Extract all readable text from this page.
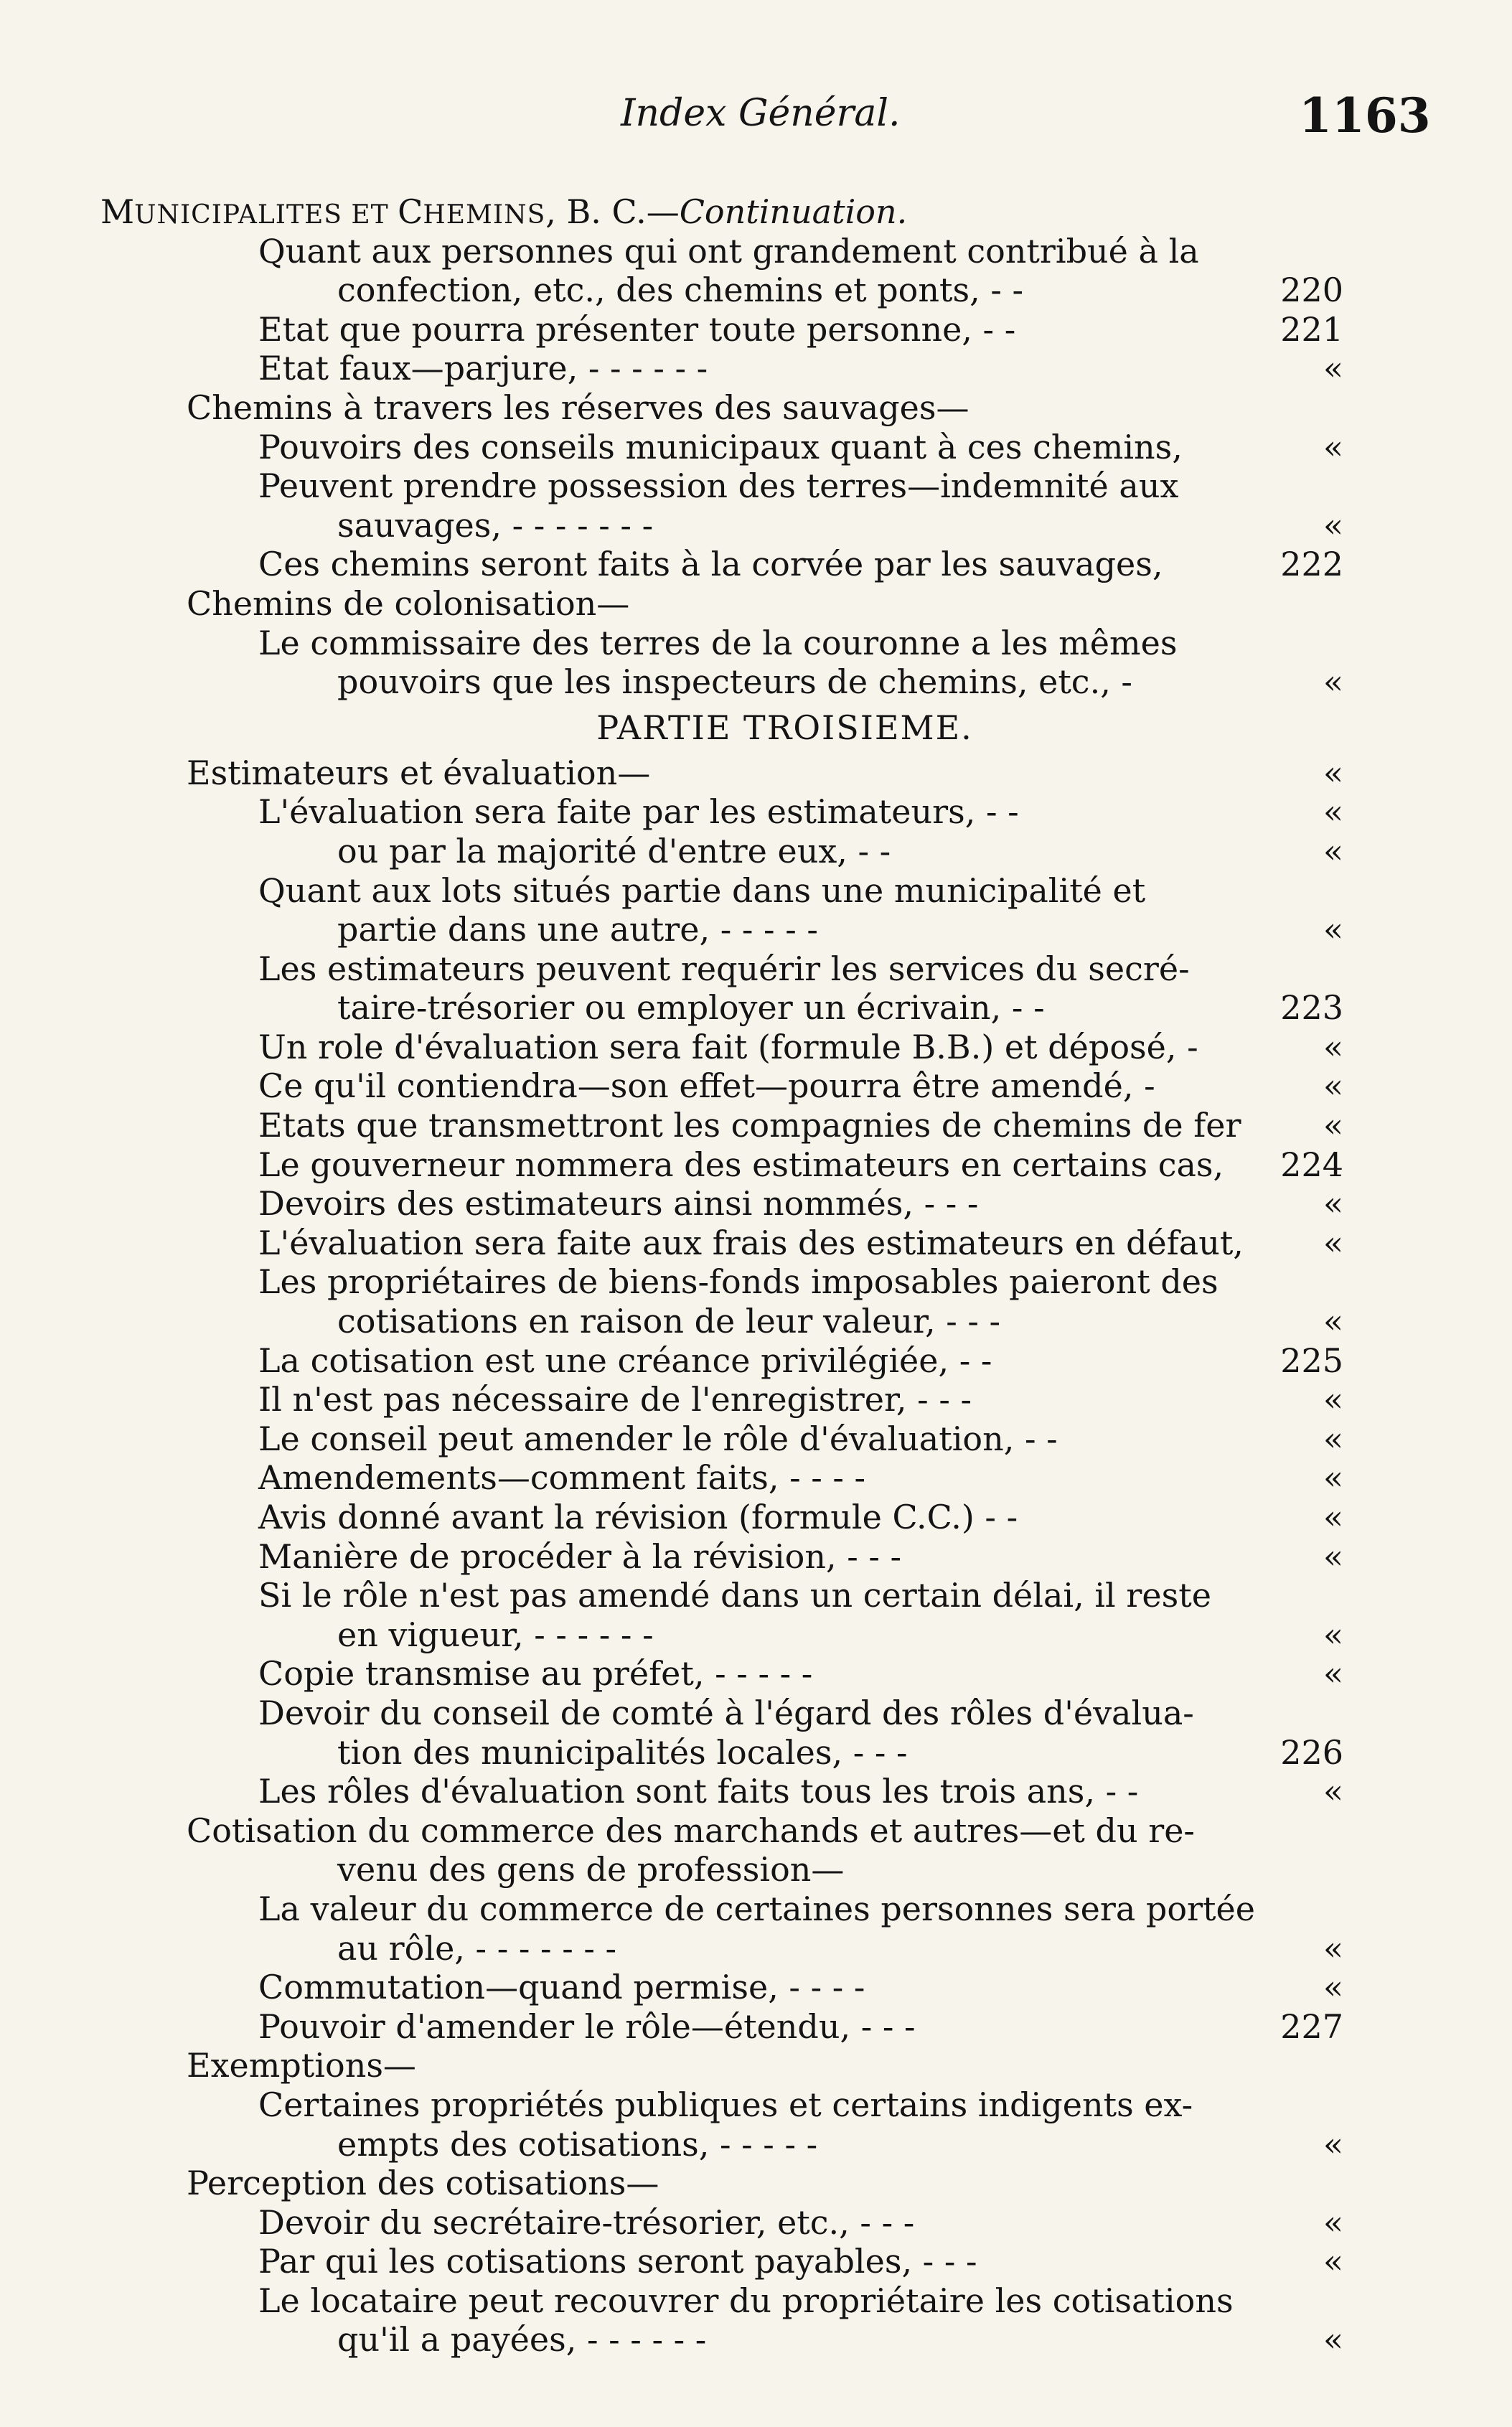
Index Général.	1163
MUNICIPALITES ET CHEMINS, B. C.—Continuation.
Quant aux personnes qui ont grandement contribué à la
confection, etc., des chemins et ponts, - -	220
Etat que pourra présenter toute personne, - -	221
Etat faux—parjure, - - - - - -	«
Chemins à travers les réserves des sauvages—
Pouvoirs des conseils municipaux quant à ces chemins,	«
Peuvent prendre possession des terres—indemnité aux
sauvages, - - - - - - -	«
Ces chemins seront faits à la corvée par les sauvages,	222
Chemins de colonisation—
Le commissaire des terres de la couronne a les mêmes
pouvoirs que les inspecteurs de chemins, etc., -	«
PARTIE TROISIEME.
Estimateurs et évaluation—	«
L'évaluation sera faite par les estimateurs, - -	«
ou par la majorité d'entre eux, - -	«
Quant aux lots situés partie dans une municipalité et
partie dans une autre, - - - - -	«
Les estimateurs peuvent requérir les services du secré-
taire-trésorier ou employer un écrivain, - -	223
Un role d'évaluation sera fait (formule B.B.) et déposé, -	«
Ce qu'il contiendra—son effet—pourra être amendé, -	«
Etats que transmettront les compagnies de chemins de fer	«
Le gouverneur nommera des estimateurs en certains cas, 224
Devoirs des estimateurs ainsi nommés, - - -	«
L'évaluation sera faite aux frais des estimateurs en défaut,	«
Les propriétaires de biens-fonds imposables paieront des
cotisations en raison de leur valeur, - - -	«
La cotisation est une créance privilégiée, - -	225
Il n'est pas nécessaire de l'enregistrer, - - -	«
Le conseil peut amender le rôle d'évaluation, - -	«
Amendements—comment faits, - - - -	«
Avis donné avant la révision (formule C.C.) - -	«
Manière de procéder à la révision, - - -	«
Si le rôle n'est pas amendé dans un certain délai, il reste
en vigueur, - - - - - -	«
Copie transmise au préfet, - - - - -	«
Devoir du conseil de comté à l'égard des rôles d'évalua-
tion des municipalités locales, - - -	226
Les rôles d'évaluation sont faits tous les trois ans, - -	«
Cotisation du commerce des marchands et autres—et du re-
venu des gens de profession—
La valeur du commerce de certaines personnes sera portée
au rôle, - - - - - - -	«
Commutation—quand permise, - - - -	«
Pouvoir d'amender le rôle—étendu, - - -	227
Exemptions—
Certaines propriétés publiques et certains indigents ex-
empts des cotisations, - - - - -	«
Perception des cotisations—
Devoir du secrétaire-trésorier, etc., - - -	«
Par qui les cotisations seront payables, - - -	«
Le locataire peut recouvrer du propriétaire les cotisations
qu'il a payées, - - - - - -	«
